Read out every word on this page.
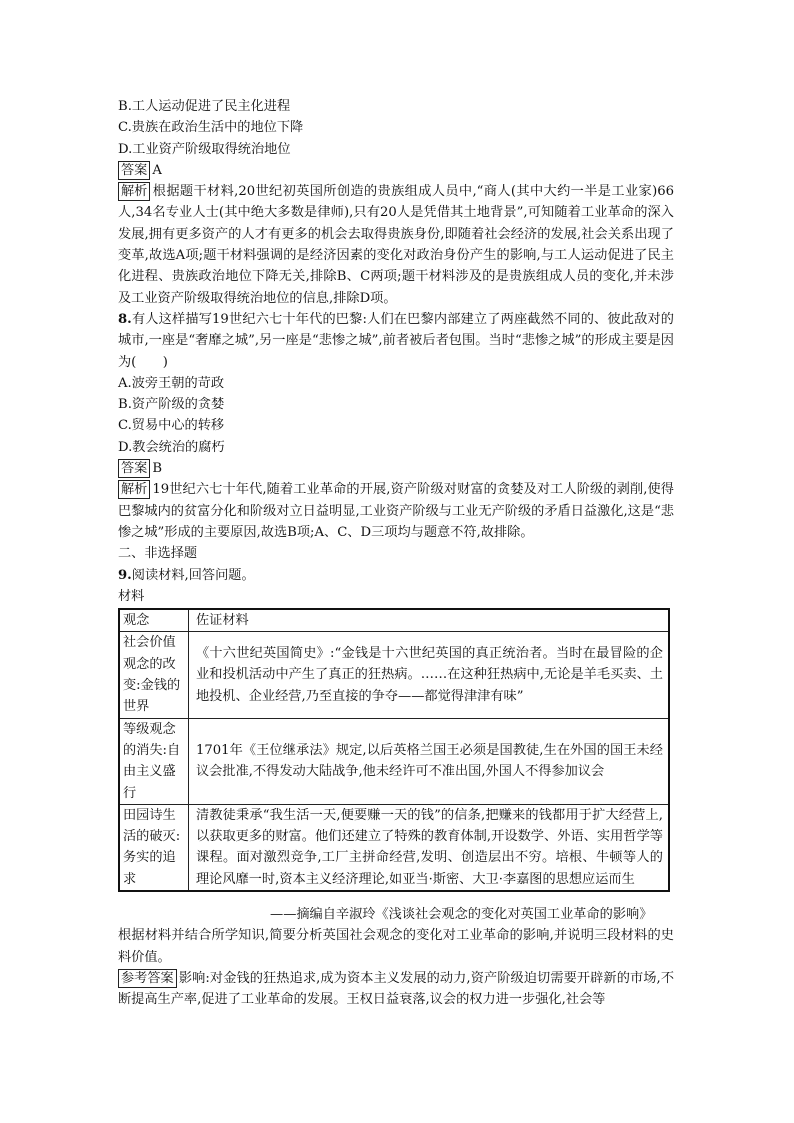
B.工人运动促进了民主化进程
C.贵族在政治生活中的地位下降
D.工业资产阶级取得统治地位
答案 A
解析 根据题干材料,20世纪初英国所创造的贵族组成人员中,“商人(其中大约一半是工业家)66人,34名专业人士(其中绝大多数是律师),只有20人是凭借其土地背景”,可知随着工业革命的深入发展,拥有更多资产的人才有更多的机会去取得贵族身份,即随着社会经济的发展,社会关系出现了变革,故选A项;题干材料强调的是经济因素的变化对政治身份产生的影响,与工人运动促进了民主化进程、贵族政治地位下降无关,排除B、C两项;题干材料涉及的是贵族组成人员的变化,并未涉及工业资产阶级取得统治地位的信息,排除D项。
8.有人这样描写19世纪六七十年代的巴黎:人们在巴黎内部建立了两座截然不同的、彼此敌对的城市,一座是“奢靡之城”,另一座是“悲惨之城”,前者被后者包围。当时“悲惨之城”的形成主要是因为(　　)
A.波旁王朝的苛政
B.资产阶级的贪婪
C.贸易中心的转移
D.教会统治的腐朽
答案 B
解析 19世纪六七十年代,随着工业革命的开展,资产阶级对财富的贪婪及对工人阶级的剥削,使得巴黎城内的贫富分化和阶级对立日益明显,工业资产阶级与工业无产阶级的矛盾日益激化,这是“悲惨之城”形成的主要原因,故选B项;A、C、D三项均与题意不符,故排除。
二、非选择题
9.阅读材料,回答问题。
材料
观念	佐证材料
社会价值观念的改变:金钱的世界	《十六世纪英国简史》:“金钱是十六世纪英国的真正统治者。当时在最冒险的企业和投机活动中产生了真正的狂热病。……在这种狂热病中,无论是羊毛买卖、土地投机、企业经营,乃至直接的争夺——都觉得津津有味”
等级观念的消失:自由主义盛行	1701年《王位继承法》规定,以后英格兰国王必须是国教徒,生在外国的国王未经议会批准,不得发动大陆战争,他未经许可不准出国,外国人不得参加议会
田园诗生活的破灭:务实的追求	清教徒秉承“我生活一天,便要赚一天的钱”的信条,把赚来的钱都用于扩大经营上,以获取更多的财富。他们还建立了特殊的教育体制,开设数学、外语、实用哲学等课程。面对激烈竞争,工厂主拼命经营,发明、创造层出不穷。培根、牛顿等人的理论风靡一时,资本主义经济理论,如亚当·斯密、大卫·李嘉图的思想应运而生
——摘编自辛淑玲《浅谈社会观念的变化对英国工业革命的影响》
根据材料并结合所学知识,简要分析英国社会观念的变化对工业革命的影响,并说明三段材料的史料价值。
参考答案 影响:对金钱的狂热追求,成为资本主义发展的动力,资产阶级迫切需要开辟新的市场,不断提高生产率,促进了工业革命的发展。王权日益衰落,议会的权力进一步强化,社会等
